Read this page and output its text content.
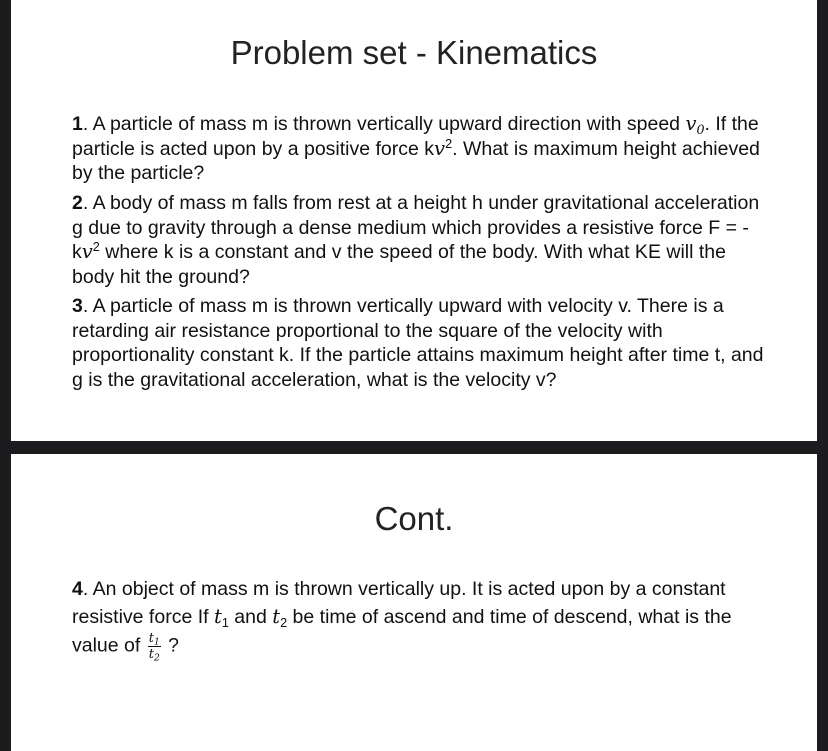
Problem set - Kinematics
1. A particle of mass m is thrown vertically upward direction with speed $v_0$. If the particle is acted upon by a positive force $kv^2$. What is maximum height achieved by the particle?
2. A body of mass m falls from rest at a height h under gravitational acceleration g due to gravity through a dense medium which provides a resistive force F = - $kv^2$ where k is a constant and v the speed of the body. With what KE will the body hit the ground?
3. A particle of mass m is thrown vertically upward with velocity v. There is a retarding air resistance proportional to the square of the velocity with proportionality constant k. If the particle attains maximum height after time t, and g is the gravitational acceleration, what is the velocity v?
Cont.
4. An object of mass m is thrown vertically up. It is acted upon by a constant resistive force If $t_1$ and $t_2$ be time of ascend and time of descend, what is the value of $\frac{t_1}{t_2}$ ?
